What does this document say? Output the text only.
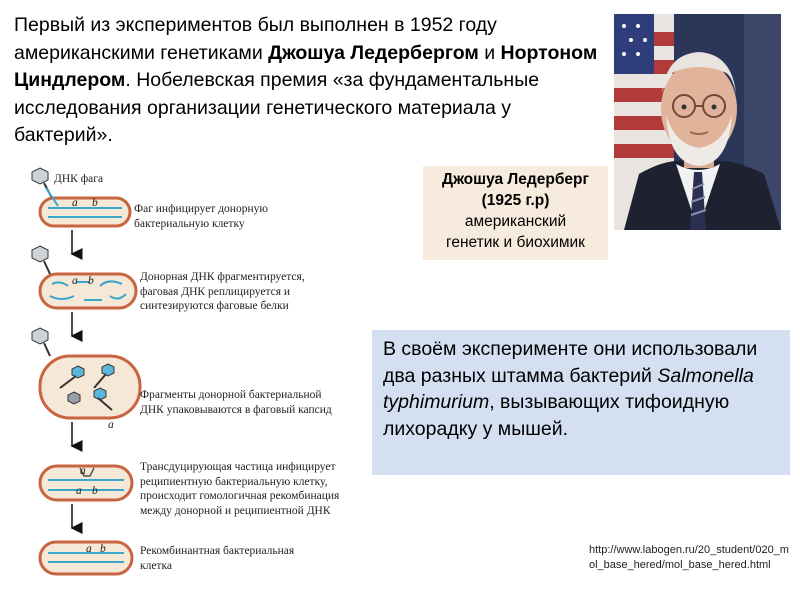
Первый из экспериментов был выполнен в 1952 году американскими генетиками Джошуа Ледербергом и Нортоном Циндлером. Нобелевская премия «за фундаментальные исследования организации генетического материала у бактерий».

Джошуа Ледерберг
(1925 г.р)
американский
генетик и биохимик
В своём эксперименте они использовали два разных штамма бактерий Salmonella typhimurium, вызывающих тифоидную лихорадку у мышей.
http://www.labogen.ru/20_student/020_mol_base_hered/mol_base_hered.html
a b
a b
a
a
a b
a b
ДНК фага
Фаг инфицирует донорную бактериальную клетку
Донорная ДНК фрагментируется, фаговая ДНК реплицируется и синтезируются фаговые белки
Фрагменты донорной бактериальной ДНК упаковываются в фаговый капсид
Трансдуцирующая частица инфицирует реципиентную бактериальную клетку, происходит гомологичная рекомбинация между донорной и реципиентной ДНК
Рекомбинантная бактериальная клетка
